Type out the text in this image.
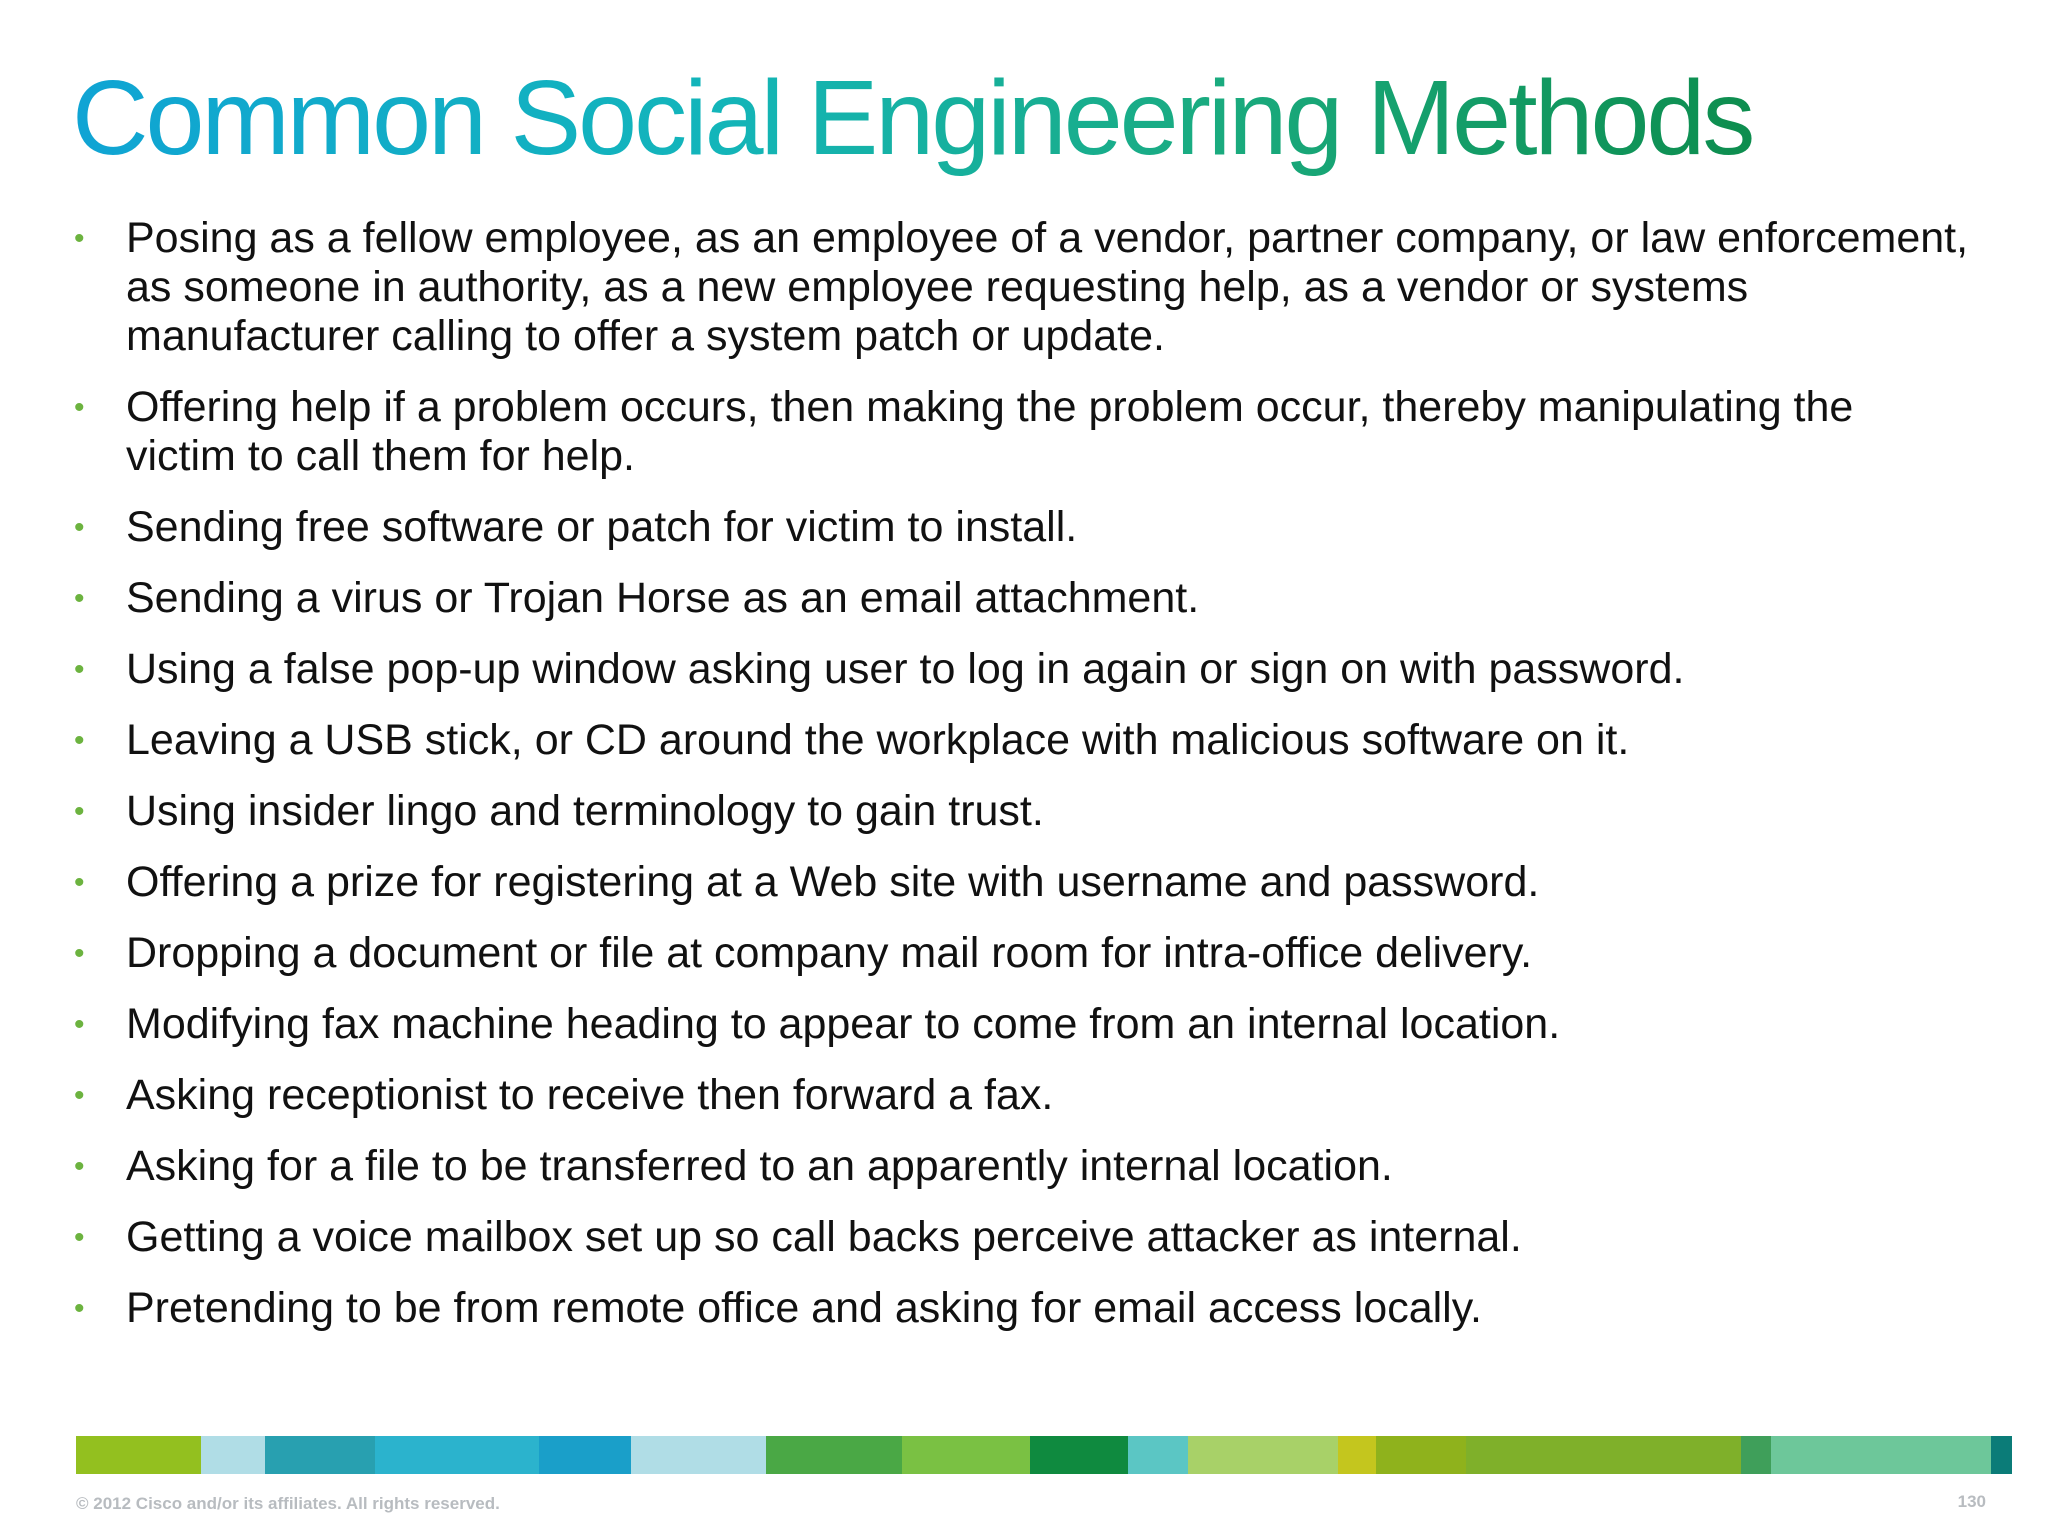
Common Social Engineering Methods
• Posing as a fellow employee, as an employee of a vendor, partner company, or law enforcement, as someone in authority, as a new employee requesting help, as a vendor or systems manufacturer calling to offer a system patch or update.
• Offering help if a problem occurs, then making the problem occur, thereby manipulating the victim to call them for help.
• Sending free software or patch for victim to install.
• Sending a virus or Trojan Horse as an email attachment.
• Using a false pop-up window asking user to log in again or sign on with password.
• Leaving a USB stick, or CD around the workplace with malicious software on it.
• Using insider lingo and terminology to gain trust.
• Offering a prize for registering at a Web site with username and password.
• Dropping a document or file at company mail room for intra-office delivery.
• Modifying fax machine heading to appear to come from an internal location.
• Asking receptionist to receive then forward a fax.
• Asking for a file to be transferred to an apparently internal location.
• Getting a voice mailbox set up so call backs perceive attacker as internal.
• Pretending to be from remote office and asking for email access locally.
© 2012 Cisco and/or its affiliates. All rights reserved.	130
